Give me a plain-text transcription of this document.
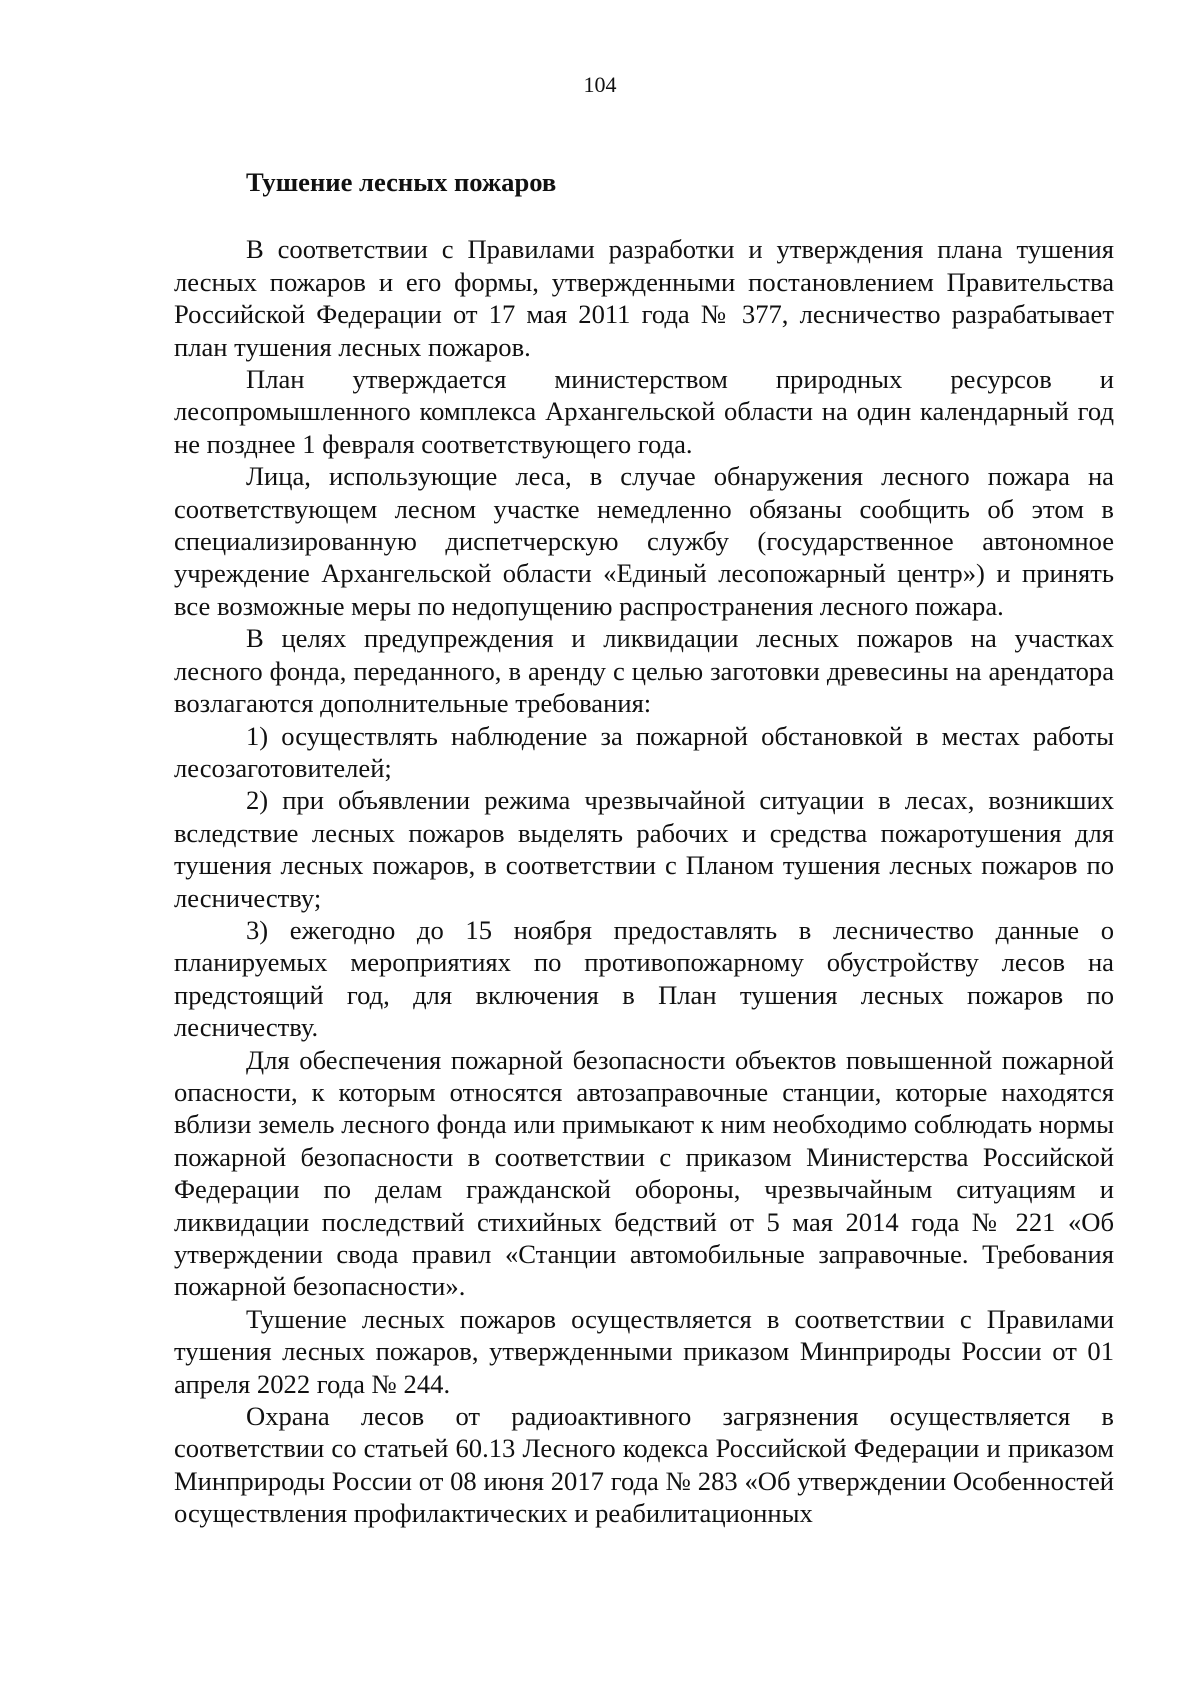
104

Тушение лесных пожаров

В соответствии с Правилами разработки и утверждения плана тушения лесных пожаров и его формы, утвержденными постановлением Правительства Российской Федерации от 17 мая 2011 года № 377, лесничество разрабатывает план тушения лесных пожаров.

План утверждается министерством природных ресурсов и лесопромышленного комплекса Архангельской области на один календарный год не позднее 1 февраля соответствующего года.

Лица, использующие леса, в случае обнаружения лесного пожара на соответствующем лесном участке немедленно обязаны сообщить об этом в специализированную диспетчерскую службу (государственное автономное учреждение Архангельской области «Единый лесопожарный центр») и принять все возможные меры по недопущению распространения лесного пожара.

В целях предупреждения и ликвидации лесных пожаров на участках лесного фонда, переданного, в аренду с целью заготовки древесины на арендатора возлагаются дополнительные требования:

1) осуществлять наблюдение за пожарной обстановкой в местах работы лесозаготовителей;

2) при объявлении режима чрезвычайной ситуации в лесах, возникших вследствие лесных пожаров выделять рабочих и средства пожаротушения для тушения лесных пожаров, в соответствии с Планом тушения лесных пожаров по лесничеству;

3) ежегодно до 15 ноября предоставлять в лесничество данные о планируемых мероприятиях по противопожарному обустройству лесов на предстоящий год, для включения в План тушения лесных пожаров по лесничеству.

Для обеспечения пожарной безопасности объектов повышенной пожарной опасности, к которым относятся автозаправочные станции, которые находятся вблизи земель лесного фонда или примыкают к ним необходимо соблюдать нормы пожарной безопасности в соответствии с приказом Министерства Российской Федерации по делам гражданской обороны, чрезвычайным ситуациям и ликвидации последствий стихийных бедствий от 5 мая 2014 года № 221 «Об утверждении свода правил «Станции автомобильные заправочные. Требования пожарной безопасности».

Тушение лесных пожаров осуществляется в соответствии с Правилами тушения лесных пожаров, утвержденными приказом Минприроды России от 01 апреля 2022 года № 244.

Охрана лесов от радиоактивного загрязнения осуществляется в соответствии со статьей 60.13 Лесного кодекса Российской Федерации и приказом Минприроды России от 08 июня 2017 года № 283 «Об утверждении Особенностей осуществления профилактических и реабилитационных
